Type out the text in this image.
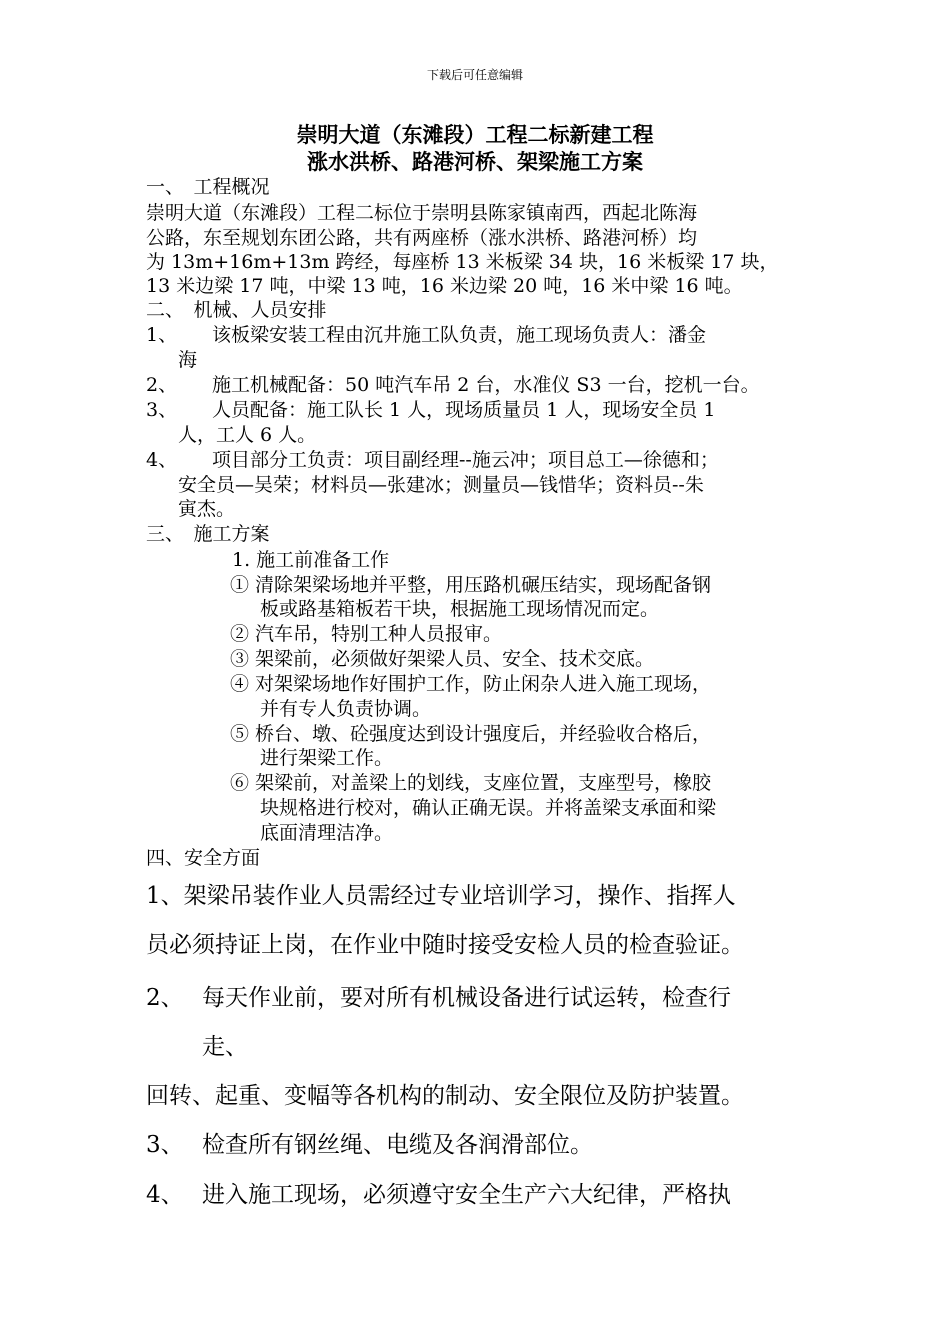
下载后可任意编辑
崇明大道（东滩段）工程二标新建工程
涨水洪桥、路港河桥、架梁施工方案
一、　工程概况
崇明大道（东滩段）工程二标位于崇明县陈家镇南西，西起北陈海
公路，东至规划东团公路，共有两座桥（涨水洪桥、路港河桥）均
为 13m+16m+13m 跨经，每座桥 13 米板梁 34 块，16 米板梁 17 块，
13 米边梁 17 吨，中梁 13 吨，16 米边梁 20 吨，16 米中梁 16 吨。
二、　机械、人员安排
1、 该板梁安装工程由沉井施工队负责，施工现场负责人：潘金
海
2、 施工机械配备：50 吨汽车吊 2 台，水准仪 S3 一台，挖机一台。
3、 人员配备：施工队长 1 人，现场质量员 1 人，现场安全员 1
人，工人 6 人。
4、 项目部分工负责：项目副经理--施云冲；项目总工—徐德和；
安全员—吴荣；材料员—张建冰；测量员—钱惜华；资料员--朱
寅杰。
三、　施工方案
1. 施工前准备工作
① 清除架梁场地并平整，用压路机碾压结实，现场配备钢
板或路基箱板若干块，根据施工现场情况而定。
② 汽车吊，特别工种人员报审。
③ 架梁前，必须做好架梁人员、安全、技术交底。
④ 对架梁场地作好围护工作，防止闲杂人进入施工现场，
并有专人负责协调。
⑤ 桥台、墩、砼强度达到设计强度后，并经验收合格后，
进行架梁工作。
⑥ 架梁前，对盖梁上的划线，支座位置，支座型号，橡胶
块规格进行校对，确认正确无误。并将盖梁支承面和梁
底面清理洁净。
四、安全方面
1、架梁吊装作业人员需经过专业培训学习，操作、指挥人
员必须持证上岗，在作业中随时接受安检人员的检查验证。
2、 每天作业前，要对所有机械设备进行试运转，检查行
走、
回转、起重、变幅等各机构的制动、安全限位及防护装置。
3、 检查所有钢丝绳、电缆及各润滑部位。
4、 进入施工现场，必须遵守安全生产六大纪律，严格执
